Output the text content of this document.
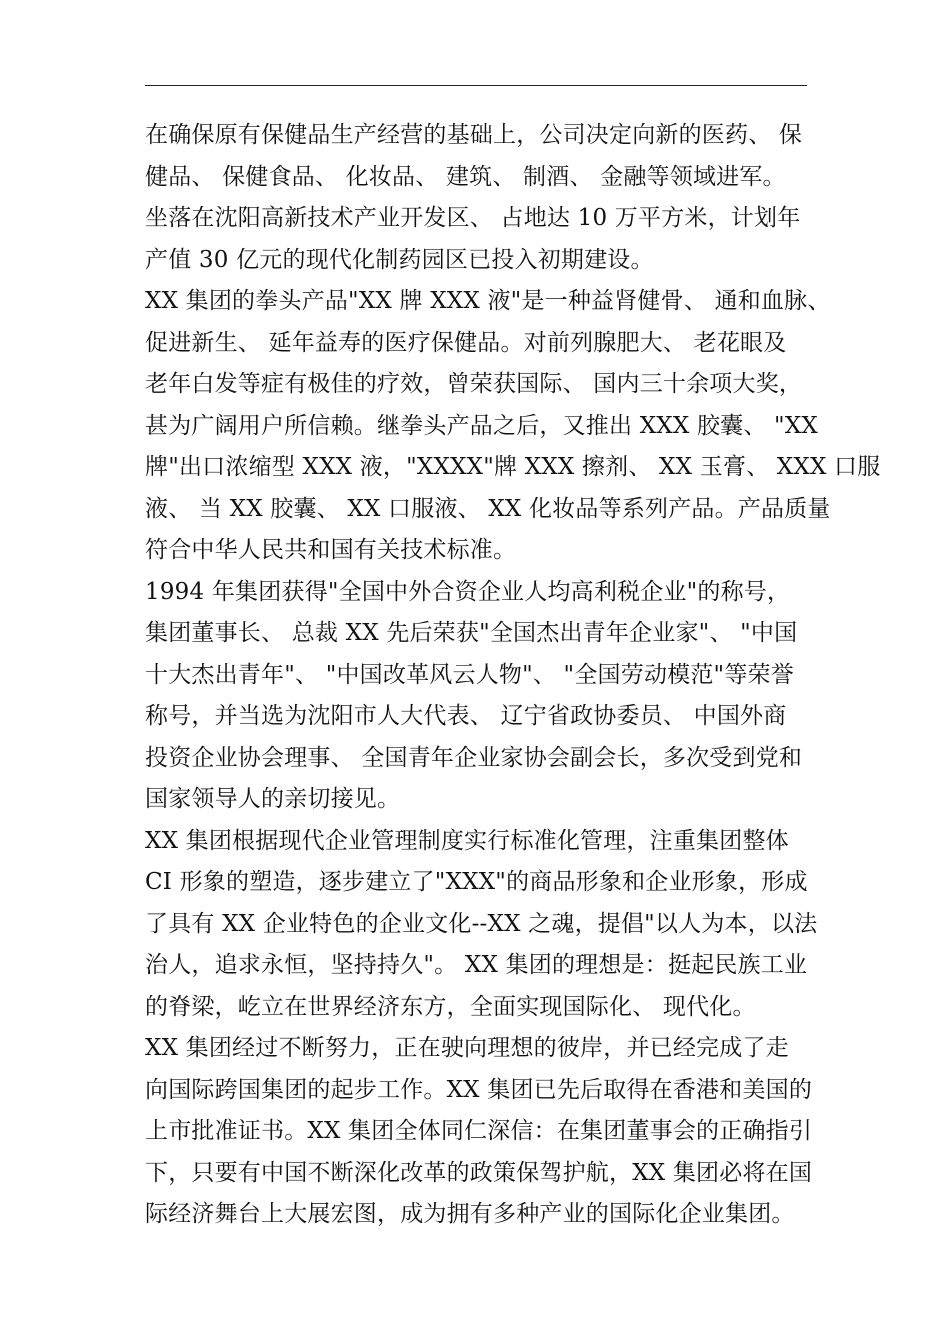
在确保原有保健品生产经营的基础上，公司决定向新的医药、 保
健品、 保健食品、 化妆品、 建筑、 制酒、 金融等领域进军。
坐落在沈阳高新技术产业开发区、 占地达 10 万平方米，计划年
产值 30 亿元的现代化制药园区已投入初期建设。
XX 集团的拳头产品"XX 牌 XXX 液"是一种益肾健骨、 通和血脉、
促进新生、 延年益寿的医疗保健品。对前列腺肥大、 老花眼及
老年白发等症有极佳的疗效，曾荣获国际、 国内三十余项大奖，
甚为广阔用户所信赖。继拳头产品之后，又推出 XXX 胶囊、 "XX
牌"出口浓缩型 XXX 液，"XXXX"牌 XXX 擦剂、 XX 玉膏、 XXX 口服
液、 当 XX 胶囊、 XX 口服液、 XX 化妆品等系列产品。产品质量
符合中华人民共和国有关技术标准。
1994 年集团获得"全国中外合资企业人均高利税企业"的称号，
集团董事长、 总裁 XX 先后荣获"全国杰出青年企业家"、 "中国
十大杰出青年"、 "中国改革风云人物"、 "全国劳动模范"等荣誉
称号，并当选为沈阳市人大代表、 辽宁省政协委员、 中国外商
投资企业协会理事、 全国青年企业家协会副会长，多次受到党和
国家领导人的亲切接见。
XX 集团根据现代企业管理制度实行标准化管理，注重集团整体
CI 形象的塑造，逐步建立了"XXX"的商品形象和企业形象，形成
了具有 XX 企业特色的企业文化--XX 之魂，提倡"以人为本，以法
治人，追求永恒，坚持持久"。 XX 集团的理想是：挺起民族工业
的脊梁，屹立在世界经济东方，全面实现国际化、 现代化。
XX 集团经过不断努力，正在驶向理想的彼岸，并已经完成了走
向国际跨国集团的起步工作。XX 集团已先后取得在香港和美国的
上市批准证书。XX 集团全体同仁深信：在集团董事会的正确指引
下，只要有中国不断深化改革的政策保驾护航，XX 集团必将在国
际经济舞台上大展宏图，成为拥有多种产业的国际化企业集团。
